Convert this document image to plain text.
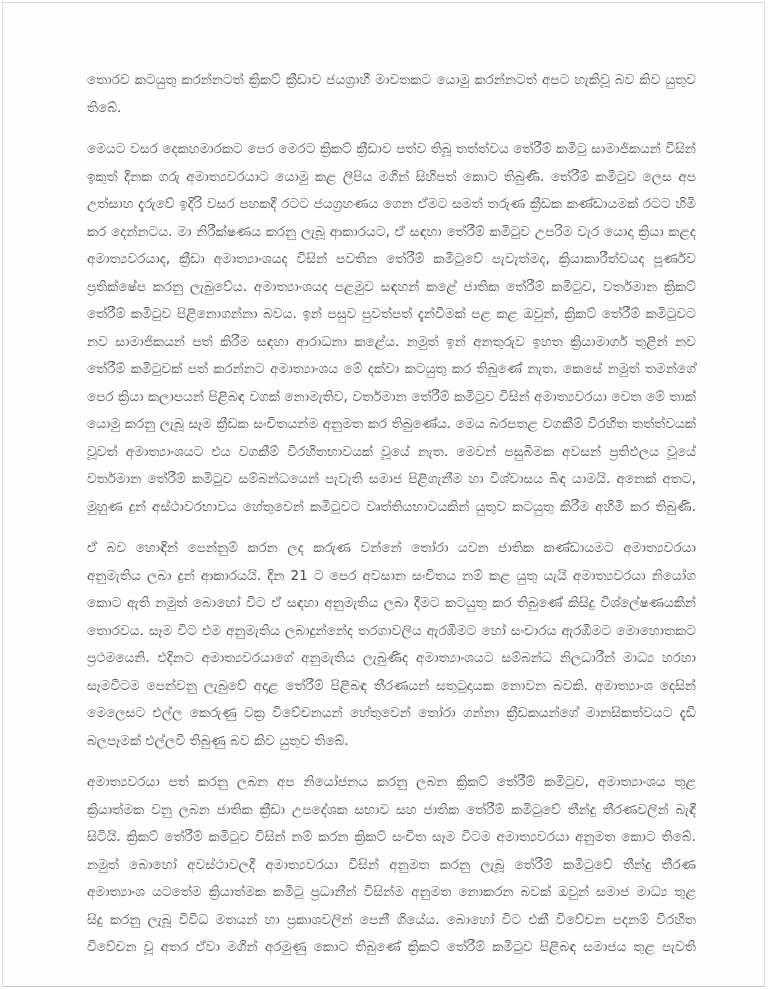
තොරව කටයුතු කරන්නටත් ක්‍රිකට් ක්‍රීඩාව ජයග්‍රාහී මාවතකට යොමු කරන්නටත් අපට හැකිවූ බව කිව යුතුව
තිබේ.

මෙයට වසර දෙකහමාරකට පෙර මෙරට ක්‍රිකට් ක්‍රීඩාව පත්ව තිබූ තත්ත්වය තේරීම් කමිටු සාමාජිකයන් විසින්
ඉකුත් දිනක ගරු අමාත්‍යවරයාට යොමු කළ ලිපිය මගින් සිහිපත් කොට තිබුණි. තේරීම් කමිටුව ලෙස අප
උත්සාහ දැරුවේ ඉදිරි වසර පහකදී රටට ජයග්‍රහණය ගෙන ඒමට සමත් තරුණ ක්‍රීඩක කණ්ඩායමක් රටට හිමි
කර දෙන්නටය. මා නිරීක්ෂණය කරනු ලැබූ ආකාරයට, ඒ සඳහා තේරීම් කමිටුව උපරිම වැර යොදා ක්‍රියා කළද
අමාත්‍යවරයාද, ක්‍රීඩා අමාත්‍යාංශයද විසින් පවතින තේරීම් කමිටුවේ පැවැත්මද, ක්‍රියාකාරීත්වයද පූර්ණව
ප්‍රතික්ෂේප කරනු ලැබුවේය. අමාත්‍යාංශයද පළමුව සඳහන් කළේ ජාතික තේරීම් කමිටුව, වර්තමාන ක්‍රිකට්
තේරීම් කමිටුව පිළිනොගන්නා බවය. ඉන් පසුව පුවත්පත් දැන්වීමක් පළ කළ ඔවුන්, ක්‍රිකට් තේරීම් කමිටුවට
නව සාමාජිකයන් පත් කිරීම සඳහා ආරාධනා කළේය. නමුත් ඉන් අනතුරුව ඉහත ක්‍රියාමාර්ග තුළින් නව
තේරීම් කමිටුවක් පත් කරන්නට අමාත්‍යාංශය මේ දක්වා කටයුතු කර තිබුණේ නැත. කෙසේ නමුත් තමන්ගේ
පෙර ක්‍රියා කලාපයන් පිළිබඳ වගක් නොමැතිව, වර්තමාන තේරීම් කමිටුව විසින් අමාත්‍යවරයා වෙත මේ තාක්
යොමු කරනු ලැබූ සෑම ක්‍රීඩක සංචිතයන්ම අනුමත කර තිබුණේය. මෙය බරපතළ වගකීම් විරහිත තත්ත්වයක්
වූවත් අමාත්‍යාංශයට එය වගකීම් විරහිතභාවයක් වූයේ නැත. මෙවන් පසුබිමක අවසන් ප්‍රතිඵලය වූයේ
වර්තමාන තේරීම් කමිටුව සම්බන්ධයෙන් පැවැති සමාජ පිළිගැනීම හා විශ්වාසය බිඳ යාමයි. අනෙක් අතට,
මුහුණ දුන් අස්ථාවරභාවය හේතුවෙන් කමිටුවට වෘත්තියභාවයකින් යුතුව කටයුතු කිරීම අහිමි කර තිබුණි.

ඒ බව හොඳින් පෙන්නුම් කරන ලද කරුණ වන්නේ තෝරා යවන ජාතික කණ්ඩායමට අමාත්‍යවරයා
අනුමැතිය ලබා දුන් ආකාරයයි. දින 21 ට පෙර අවසාන සංචිතය නම් කළ යුතු යැයි අමාත්‍යවරයා නියෝග
කොට ඇති නමුත් බොහෝ විට ඒ සඳහා අනුමැතිය ලබා දීමට කටයුතු කර තිබුණේ කිසිදු විශ්ලේෂණයකින්
තොරවය. සෑම විට එම අනුමැතිය ලබාදුන්නේද තරගාවලිය ඇරඹීමට හෝ සංචාරය ඇරඹීමට මොහොතකට
ප්‍රථමයෙනි. එදිනට අමාත්‍යවරයාගේ අනුමැතිය ලැබුණිද අමාත්‍යාංශයට සම්බන්ධ නිලධාරීන් මාධ්‍ය හරහා
සෑමවිටම පෙන්වනු ලැබුවේ අදාළ තේරීම් පිළිබඳ තීරණයන් සතුටුදායක නොවන බවකි. අමාත්‍යාංශ දෙසින්
මෙලෙසට එල්ල කෙරුණු වක්‍ර විවේචනයන් හේතුවෙන් තෝරා ගන්නා ක්‍රීඩකයන්ගේ මානසිකත්වයට දැඩි
බලපෑමක් එල්ලවී තිබුණු බව කිව යුතුව තිබේ.

අමාත්‍යවරයා පත් කරනු ලබන අප නියෝජනය කරනු ලබන ක්‍රිකට් තේරීම් කමිටුව, අමාත්‍යාංශය තුළ
ක්‍රියාත්මක වනු ලබන ජාතික ක්‍රීඩා උපදේශක සභාව සහ ජාතික තේරීම් කමිටුවේ තීන්දු තීරණවලින් බැඳී
සිටියි. ක්‍රිකට් තේරීම් කමිටුව විසින් නම් කරන ක්‍රිකට් සංචිත සෑම විටම අමාත්‍යවරයා අනුමත කොට තිබේ.
නමුත් බොහෝ අවස්ථාවලදී අමාත්‍යවරයා විසින් අනුමත කරනු ලැබූ තේරීම් කමිටුවේ තීන්දු තීරණ
අමාත්‍යාංශ යටතේම ක්‍රියාත්මක කමිටු ප්‍රධානීන් විසින්ම අනුමත නොකරන බවක් ඔවුන් සමාජ මාධ්‍ය තුළ
සිදු කරනු ලැබූ විවිධ මතයන් හා ප්‍රකාශවලින් පෙනී ගියේය. බොහෝ විට එකී විවේචන පදනම් විරහිත
විවේචන වූ අතර ඒවා මගින් අරමුණු කොට තිබුණේ ක්‍රිකට් තේරීම් කමිටුව පිළිබඳ සමාජය තුළ පැවති
